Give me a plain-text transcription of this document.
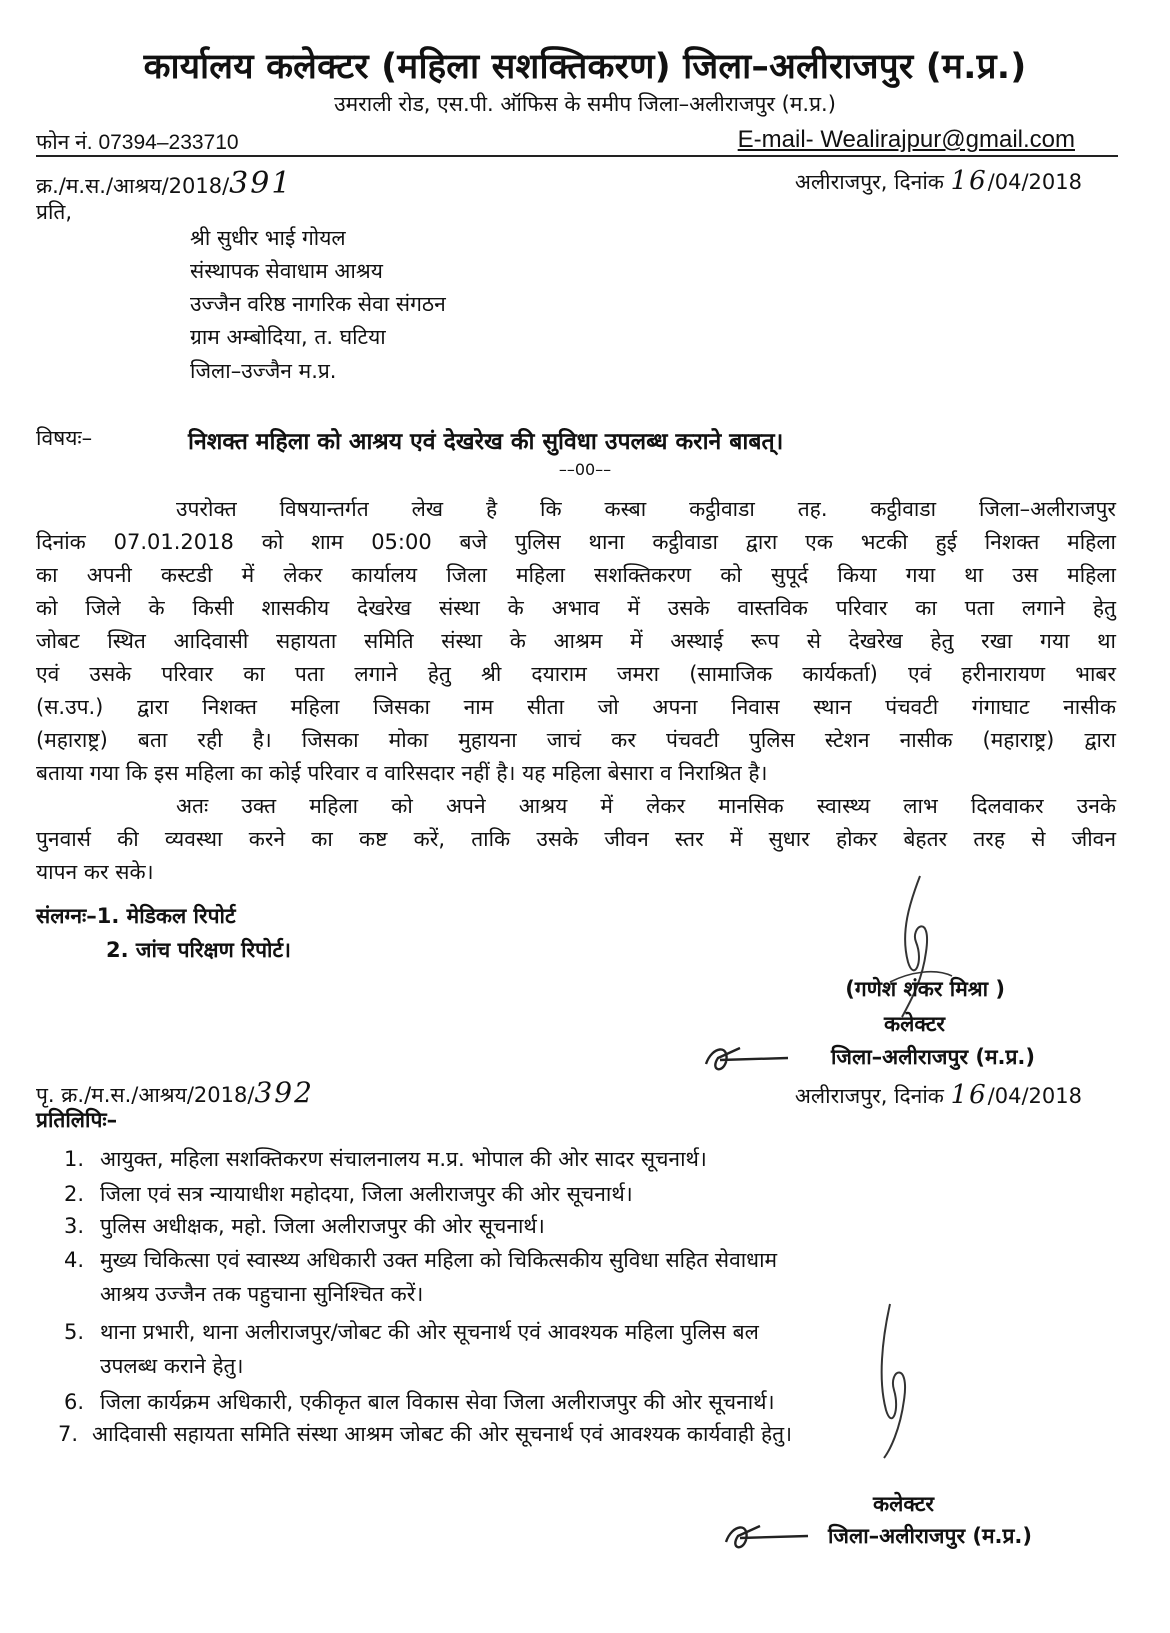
कार्यालय कलेक्टर (महिला सशक्तिकरण) जिला–अलीराजपुर (म.प्र.)
उमराली रोड, एस.पी. ऑफिस के समीप जिला–अलीराजपुर (म.प्र.)
फोन नं. 07394–233710	E-mail- Wealirajpur@gmail.com
क्र./म.स./आश्रय/2018/391	अलीराजपुर, दिनांक 16/04/2018
प्रति,
श्री सुधीर भाई गोयल
संस्थापक सेवाधाम आश्रय
उज्जैन वरिष्ठ नागरिक सेवा संगठन
ग्राम अम्बोदिया, त. घटिया
जिला–उज्जैन म.प्र.
विषयः–	निशक्त महिला को आश्रय एवं देखरेख की सुविधा उपलब्ध कराने बाबत्।
––00––
उपरोक्त विषयान्तर्गत लेख है कि कस्बा कट्ठीवाडा तह. कट्ठीवाडा जिला–अलीराजपुर
दिनांक 07.01.2018 को शाम 05:00 बजे पुलिस थाना कट्ठीवाडा द्वारा एक भटकी हुई निशक्त महिला
का अपनी कस्टडी में लेकर कार्यालय जिला महिला सशक्तिकरण को सुपूर्द किया गया था उस महिला
को जिले के किसी शासकीय देखरेख संस्था के अभाव में उसके वास्तविक परिवार का पता लगाने हेतु
जोबट स्थित आदिवासी सहायता समिति संस्था के आश्रम में अस्थाई रूप से देखरेख हेतु रखा गया था
एवं उसके परिवार का पता लगाने हेतु श्री दयाराम जमरा (सामाजिक कार्यकर्ता) एवं हरीनारायण भाबर
(स.उप.) द्वारा निशक्त महिला जिसका नाम सीता जो अपना निवास स्थान पंचवटी गंगाघाट नासीक
(महाराष्ट्र) बता रही है। जिसका मोका मुहायना जाचं कर पंचवटी पुलिस स्टेशन नासीक (महाराष्ट्र) द्वारा
बताया गया कि इस महिला का कोई परिवार व वारिसदार नहीं है। यह महिला बेसारा व निराश्रित है।
अतः उक्त महिला को अपने आश्रय में लेकर मानसिक स्वास्थ्य लाभ दिलवाकर उनके
पुनवार्स की व्यवस्था करने का कष्ट करें, ताकि उसके जीवन स्तर में सुधार होकर बेहतर तरह से जीवन
यापन कर सके।
संलग्नः–1. मेडिकल रिपोर्ट
2. जांच परिक्षण रिपोर्ट।
(गणेश शंकर मिश्रा )
कलेक्टर
जिला–अलीराजपुर (म.प्र.)
पृ. क्र./म.स./आश्रय/2018/392	अलीराजपुर, दिनांक 16/04/2018
प्रतिलिपिः–
1. आयुक्त, महिला सशक्तिकरण संचालनालय म.प्र. भोपाल की ओर सादर सूचनार्थ।
2. जिला एवं सत्र न्यायाधीश महोदया, जिला अलीराजपुर की ओर सूचनार्थ।
3. पुलिस अधीक्षक, महो. जिला अलीराजपुर की ओर सूचनार्थ।
4. मुख्य चिकित्सा एवं स्वास्थ्य अधिकारी उक्त महिला को चिकित्सकीय सुविधा सहित सेवाधाम
आश्रय उज्जैन तक पहुचाना सुनिश्चित करें।
5. थाना प्रभारी, थाना अलीराजपुर/जोबट की ओर सूचनार्थ एवं आवश्यक महिला पुलिस बल
उपलब्ध कराने हेतु।
6. जिला कार्यक्रम अधिकारी, एकीकृत बाल विकास सेवा जिला अलीराजपुर की ओर सूचनार्थ।
7. आदिवासी सहायता समिति संस्था आश्रम जोबट की ओर सूचनार्थ एवं आवश्यक कार्यवाही हेतु।
कलेक्टर
जिला–अलीराजपुर (म.प्र.)
